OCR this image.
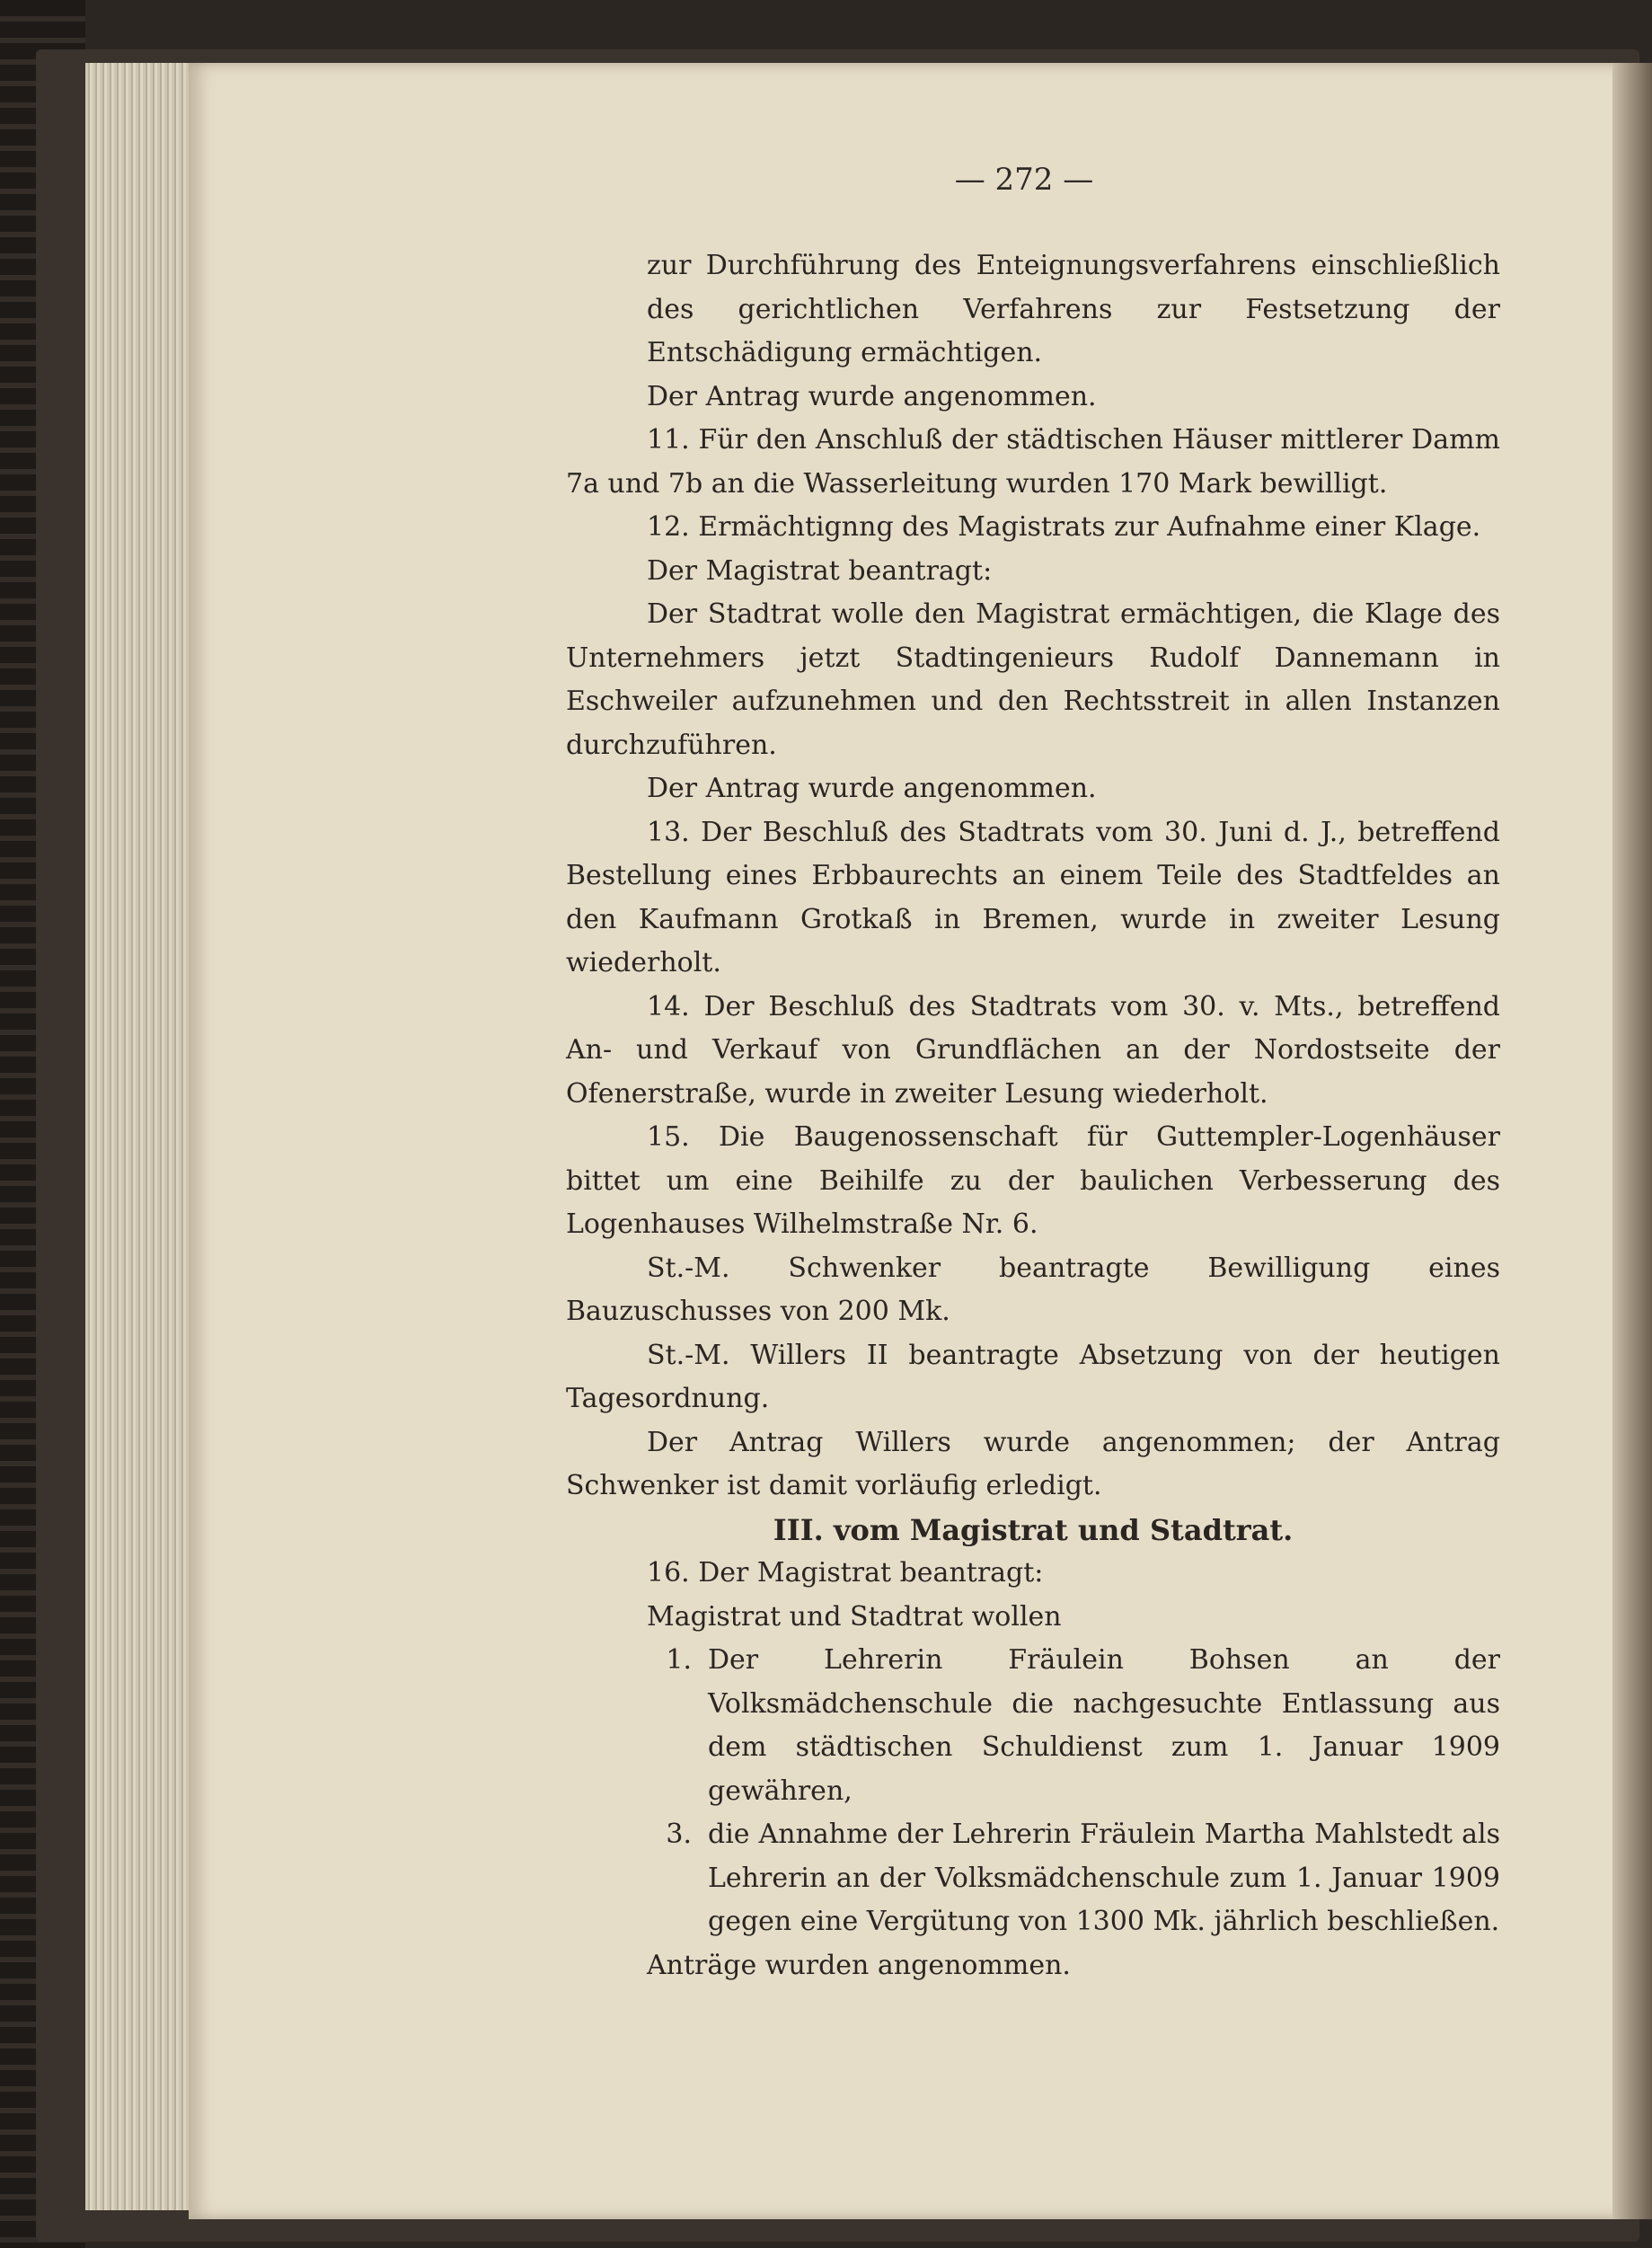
— 272 —

zur Durchführung des Enteignungsverfahrens einschließlich des gerichtlichen Verfahrens zur Festsetzung der Entschädigung ermächtigen.

Der Antrag wurde angenommen.

11. Für den Anschluß der städtischen Häuser mittlerer Damm 7a und 7b an die Wasserleitung wurden 170 Mark bewilligt.

12. Ermächtignng des Magistrats zur Aufnahme einer Klage.

Der Magistrat beantragt:

Der Stadtrat wolle den Magistrat ermächtigen, die Klage des Unternehmers jetzt Stadtingenieurs Rudolf Dannemann in Eschweiler aufzunehmen und den Rechtsstreit in allen Instanzen durchzuführen.

Der Antrag wurde angenommen.

13. Der Beschluß des Stadtrats vom 30. Juni d. J., betreffend Bestellung eines Erbbaurechts an einem Teile des Stadtfeldes an den Kaufmann Grotkaß in Bremen, wurde in zweiter Lesung wiederholt.

14. Der Beschluß des Stadtrats vom 30. v. Mts., betreffend An- und Verkauf von Grundflächen an der Nordostseite der Ofenerstraße, wurde in zweiter Lesung wiederholt.

15. Die Baugenossenschaft für Guttempler-Logenhäuser bittet um eine Beihilfe zu der baulichen Verbesserung des Logenhauses Wilhelmstraße Nr. 6.

St.-M. Schwenker beantragte Bewilligung eines Bauzuschusses von 200 Mk.

St.-M. Willers II beantragte Absetzung von der heutigen Tagesordnung.

Der Antrag Willers wurde angenommen; der Antrag Schwenker ist damit vorläufig erledigt.

III. vom Magistrat und Stadtrat.

16. Der Magistrat beantragt:

Magistrat und Stadtrat wollen

1. Der Lehrerin Fräulein Bohsen an der Volksmädchenschule die nachgesuchte Entlassung aus dem städtischen Schuldienst zum 1. Januar 1909 gewähren,
3. die Annahme der Lehrerin Fräulein Martha Mahlstedt als Lehrerin an der Volksmädchenschule zum 1. Januar 1909 gegen eine Vergütung von 1300 Mk. jährlich beschließen.

Anträge wurden angenommen.
